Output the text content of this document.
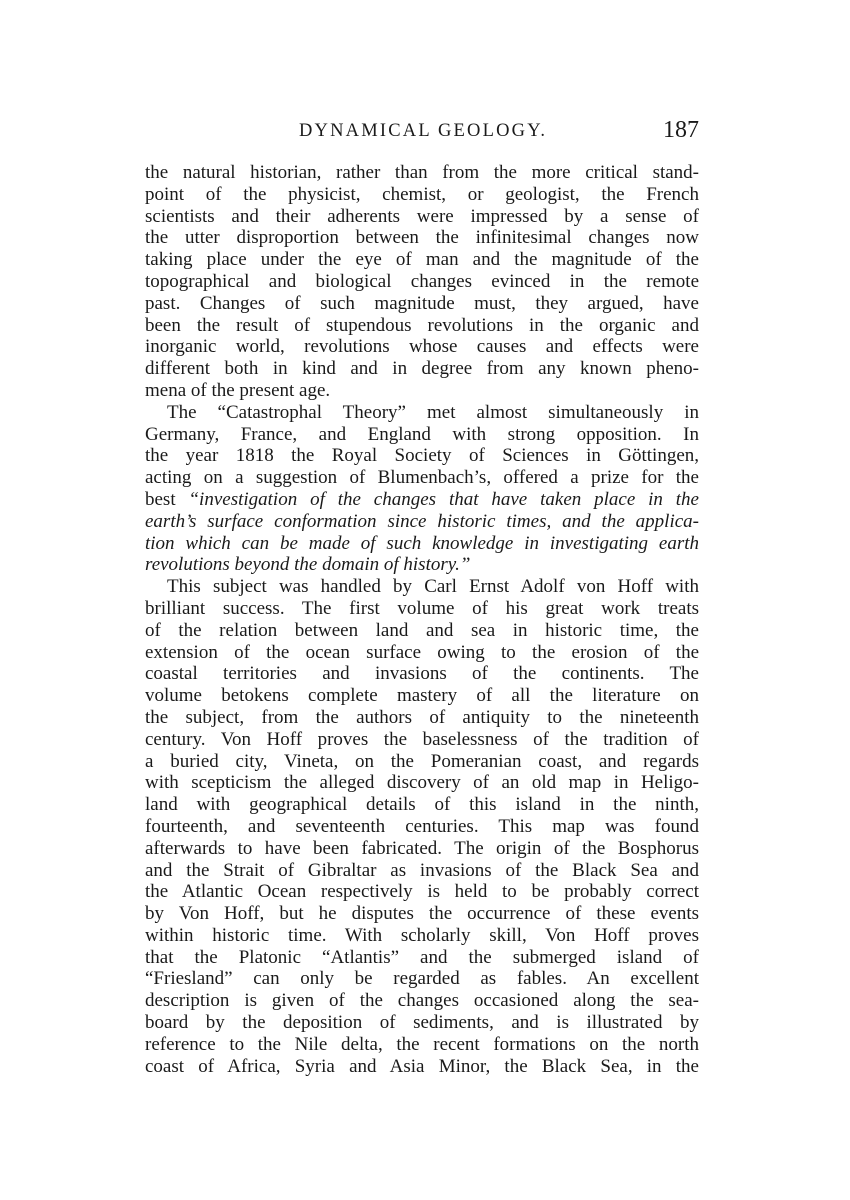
DYNAMICAL GEOLOGY.	187
the natural historian, rather than from the more critical stand-
point of the physicist, chemist, or geologist, the French
scientists and their adherents were impressed by a sense of
the utter disproportion between the infinitesimal changes now
taking place under the eye of man and the magnitude of the
topographical and biological changes evinced in the remote
past. Changes of such magnitude must, they argued, have
been the result of stupendous revolutions in the organic and
inorganic world, revolutions whose causes and effects were
different both in kind and in degree from any known pheno-
mena of the present age.
The “Catastrophal Theory” met almost simultaneously in
Germany, France, and England with strong opposition. In
the year 1818 the Royal Society of Sciences in Göttingen,
acting on a suggestion of Blumenbach’s, offered a prize for the
best “investigation of the changes that have taken place in the
earth’s surface conformation since historic times, and the applica-
tion which can be made of such knowledge in investigating earth
revolutions beyond the domain of history.”
This subject was handled by Carl Ernst Adolf von Hoff with
brilliant success. The first volume of his great work treats
of the relation between land and sea in historic time, the
extension of the ocean surface owing to the erosion of the
coastal territories and invasions of the continents. The
volume betokens complete mastery of all the literature on
the subject, from the authors of antiquity to the nineteenth
century. Von Hoff proves the baselessness of the tradition of
a buried city, Vineta, on the Pomeranian coast, and regards
with scepticism the alleged discovery of an old map in Heligo-
land with geographical details of this island in the ninth,
fourteenth, and seventeenth centuries. This map was found
afterwards to have been fabricated. The origin of the Bosphorus
and the Strait of Gibraltar as invasions of the Black Sea and
the Atlantic Ocean respectively is held to be probably correct
by Von Hoff, but he disputes the occurrence of these events
within historic time. With scholarly skill, Von Hoff proves
that the Platonic “Atlantis” and the submerged island of
“Friesland” can only be regarded as fables. An excellent
description is given of the changes occasioned along the sea-
board by the deposition of sediments, and is illustrated by
reference to the Nile delta, the recent formations on the north
coast of Africa, Syria and Asia Minor, the Black Sea, in the
